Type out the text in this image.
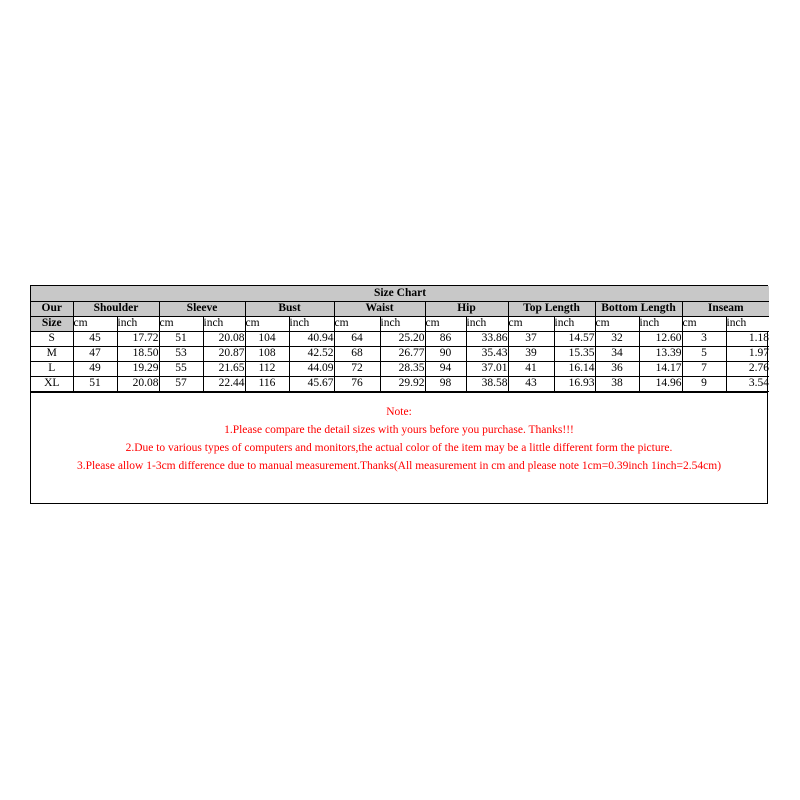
Size Chart																
Our	Shoulder		Sleeve		Bust		Waist		Hip		Top Length		Bottom Length		Inseam	
Size	cm	inch	cm	inch	cm	inch	cm	inch	cm	inch	cm	inch	cm	inch	cm	inch
S	45	17.72	51	20.08	104	40.94	64	25.20	86	33.86	37	14.57	32	12.60	3	1.18
M	47	18.50	53	20.87	108	42.52	68	26.77	90	35.43	39	15.35	34	13.39	5	1.97
L	49	19.29	55	21.65	112	44.09	72	28.35	94	37.01	41	16.14	36	14.17	7	2.76
XL	51	20.08	57	22.44	116	45.67	76	29.92	98	38.58	43	16.93	38	14.96	9	3.54
Note:
1.Please compare the detail sizes with yours before you purchase. Thanks!!!
2.Due to various types of computers and monitors,the actual color of the item may be a little different form the picture.
3.Please allow 1-3cm difference due to manual measurement.Thanks(All measurement in cm and please note 1cm=0.39inch 1inch=2.54cm)
